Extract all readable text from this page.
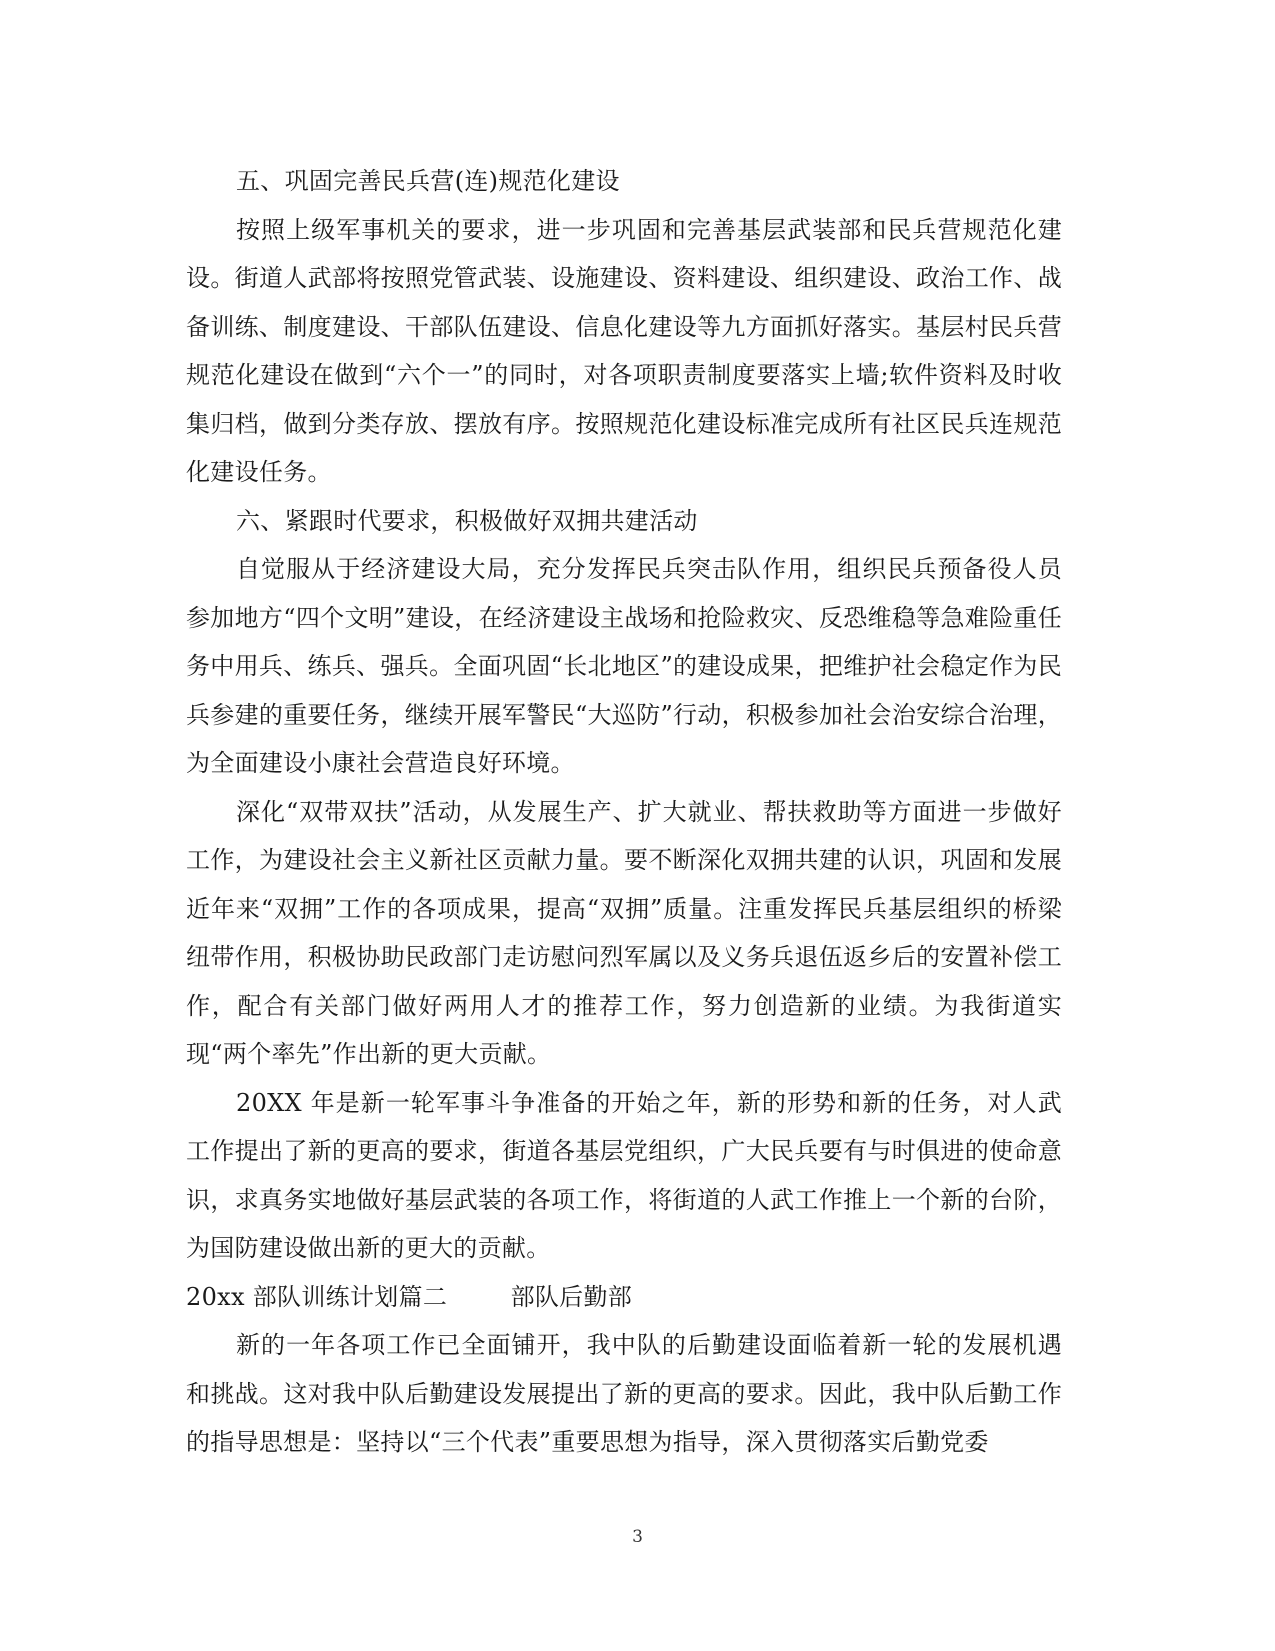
五、巩固完善民兵营(连)规范化建设

按照上级军事机关的要求，进一步巩固和完善基层武装部和民兵营规范化建设。街道人武部将按照党管武装、设施建设、资料建设、组织建设、政治工作、战备训练、制度建设、干部队伍建设、信息化建设等九方面抓好落实。基层村民兵营规范化建设在做到“六个一”的同时，对各项职责制度要落实上墙;软件资料及时收集归档，做到分类存放、摆放有序。按照规范化建设标准完成所有社区民兵连规范化建设任务。

六、紧跟时代要求，积极做好双拥共建活动

自觉服从于经济建设大局，充分发挥民兵突击队作用，组织民兵预备役人员参加地方“四个文明”建设，在经济建设主战场和抢险救灾、反恐维稳等急难险重任务中用兵、练兵、强兵。全面巩固“长北地区”的建设成果，把维护社会稳定作为民兵参建的重要任务，继续开展军警民“大巡防”行动，积极参加社会治安综合治理，为全面建设小康社会营造良好环境。

深化“双带双扶”活动，从发展生产、扩大就业、帮扶救助等方面进一步做好工作，为建设社会主义新社区贡献力量。要不断深化双拥共建的认识，巩固和发展近年来“双拥”工作的各项成果，提高“双拥”质量。注重发挥民兵基层组织的桥梁纽带作用，积极协助民政部门走访慰问烈军属以及义务兵退伍返乡后的安置补偿工作，配合有关部门做好两用人才的推荐工作，努力创造新的业绩。为我街道实现“两个率先”作出新的更大贡献。

20XX 年是新一轮军事斗争准备的开始之年，新的形势和新的任务，对人武工作提出了新的更高的要求，街道各基层党组织，广大民兵要有与时俱进的使命意识，求真务实地做好基层武装的各项工作，将街道的人武工作推上一个新的台阶，为国防建设做出新的更大的贡献。

20xx 部队训练计划篇二        部队后勤部

新的一年各项工作已全面铺开，我中队的后勤建设面临着新一轮的发展机遇和挑战。这对我中队后勤建设发展提出了新的更高的要求。因此，我中队后勤工作的指导思想是：坚持以“三个代表”重要思想为指导，深入贯彻落实后勤党委

3
